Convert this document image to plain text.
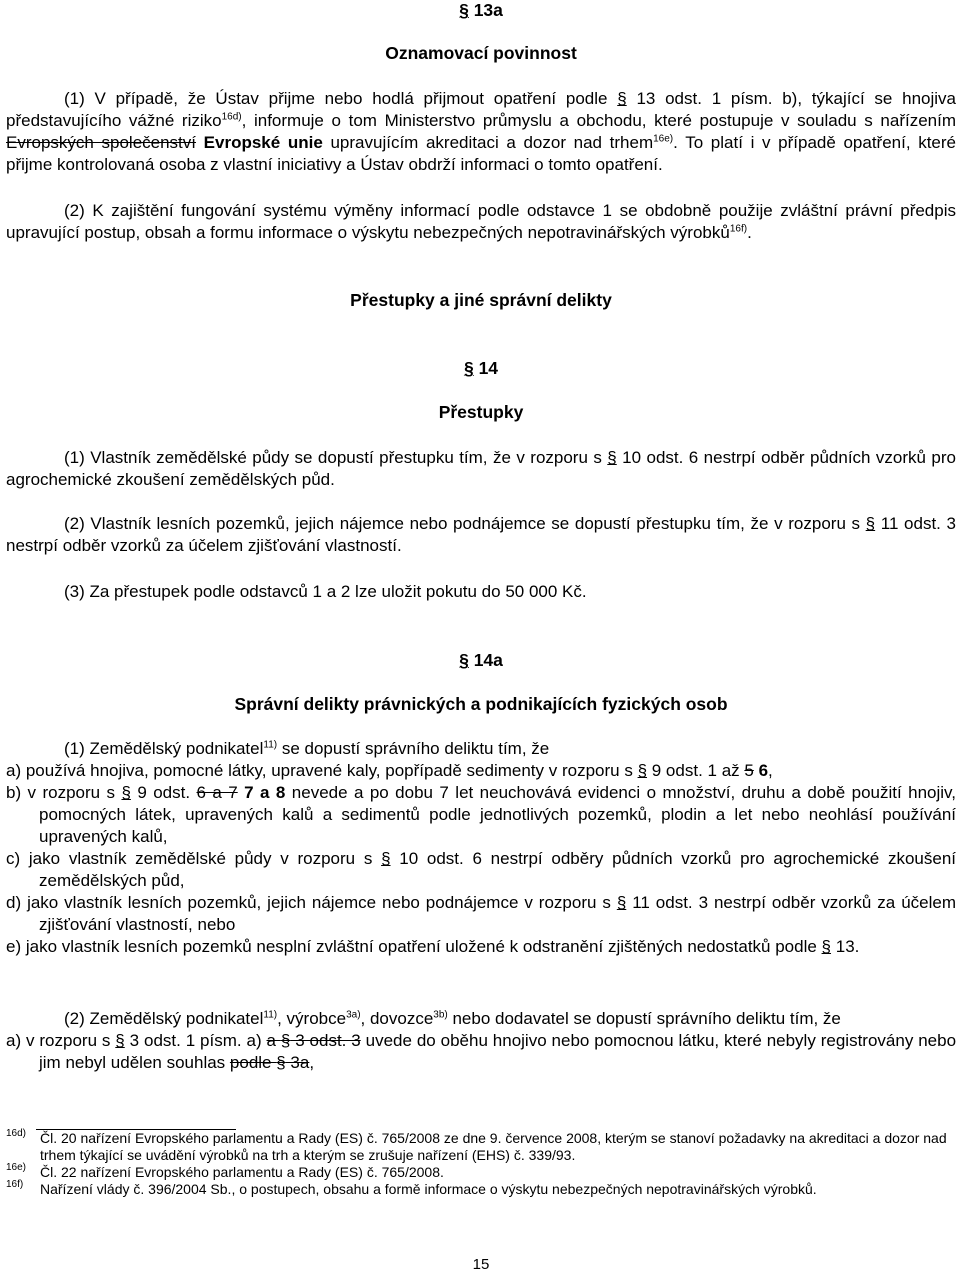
§ 13a
Oznamovací povinnost

(1) V případě, že Ústav přijme nebo hodlá přijmout opatření podle § 13 odst. 1 písm. b), týkající se hnojiva představujícího vážné riziko$^{16d)}$, informuje o tom Ministerstvo průmyslu a obchodu, které postupuje v souladu s nařízením Evropských společenství Evropské unie upravujícím akreditaci a dozor nad trhem$^{16e)}$. To platí i v případě opatření, které přijme kontrolovaná osoba z vlastní iniciativy a Ústav obdrží informaci o tomto opatření.

(2) K zajištění fungování systému výměny informací podle odstavce 1 se obdobně použije zvláštní právní předpis upravující postup, obsah a formu informace o výskytu nebezpečných nepotravinářských výrobků$^{16f)}$.

Přestupky a jiné správní delikty
§ 14
Přestupky

(1) Vlastník zemědělské půdy se dopustí přestupku tím, že v rozporu s § 10 odst. 6 nestrpí odběr půdních vzorků pro agrochemické zkoušení zemědělských půd.

(2) Vlastník lesních pozemků, jejich nájemce nebo podnájemce se dopustí přestupku tím, že v rozporu s § 11 odst. 3 nestrpí odběr vzorků za účelem zjišťování vlastností.

(3) Za přestupek podle odstavců 1 a 2 lze uložit pokutu do 50 000 Kč.

§ 14a
Správní delikty právnických a podnikajících fyzických osob

(1) Zemědělský podnikatel$^{11)}$ se dopustí správního deliktu tím, že

a) používá hnojiva, pomocné látky, upravené kaly, popřípadě sedimenty v rozporu s § 9 odst. 1 až 5 6,
b) v rozporu s § 9 odst. 6 a 7 7 a 8 nevede a po dobu 7 let neuchovává evidenci o množství, druhu a době použití hnojiv, pomocných látek, upravených kalů a sedimentů podle jednotlivých pozemků, plodin a let nebo neohlásí používání upravených kalů,
c) jako vlastník zemědělské půdy v rozporu s § 10 odst. 6 nestrpí odběry půdních vzorků pro agrochemické zkoušení zemědělských půd,
d) jako vlastník lesních pozemků, jejich nájemce nebo podnájemce v rozporu s § 11 odst. 3 nestrpí odběr vzorků za účelem zjišťování vlastností, nebo
e) jako vlastník lesních pozemků nesplní zvláštní opatření uložené k odstranění zjištěných nedostatků podle § 13.

(2) Zemědělský podnikatel$^{11)}$, výrobce$^{3a)}$, dovozce$^{3b)}$ nebo dodavatel se dopustí správního deliktu tím, že

a) v rozporu s § 3 odst. 1 písm. a) a § 3 odst. 3 uvede do oběhu hnojivo nebo pomocnou látku, které nebyly registrovány nebo jim nebyl udělen souhlas podle § 3a,
16d) Čl. 20 nařízení Evropského parlamentu a Rady (ES) č. 765/2008 ze dne 9. července 2008, kterým se stanoví požadavky na akreditaci a dozor nad trhem týkající se uvádění výrobků na trh a kterým se zrušuje nařízení (EHS) č. 339/93.
16e) Čl. 22 nařízení Evropského parlamentu a Rady (ES) č. 765/2008.
16f) Nařízení vlády č. 396/2004 Sb., o postupech, obsahu a formě informace o výskytu nebezpečných nepotravinářských výrobků.
15
